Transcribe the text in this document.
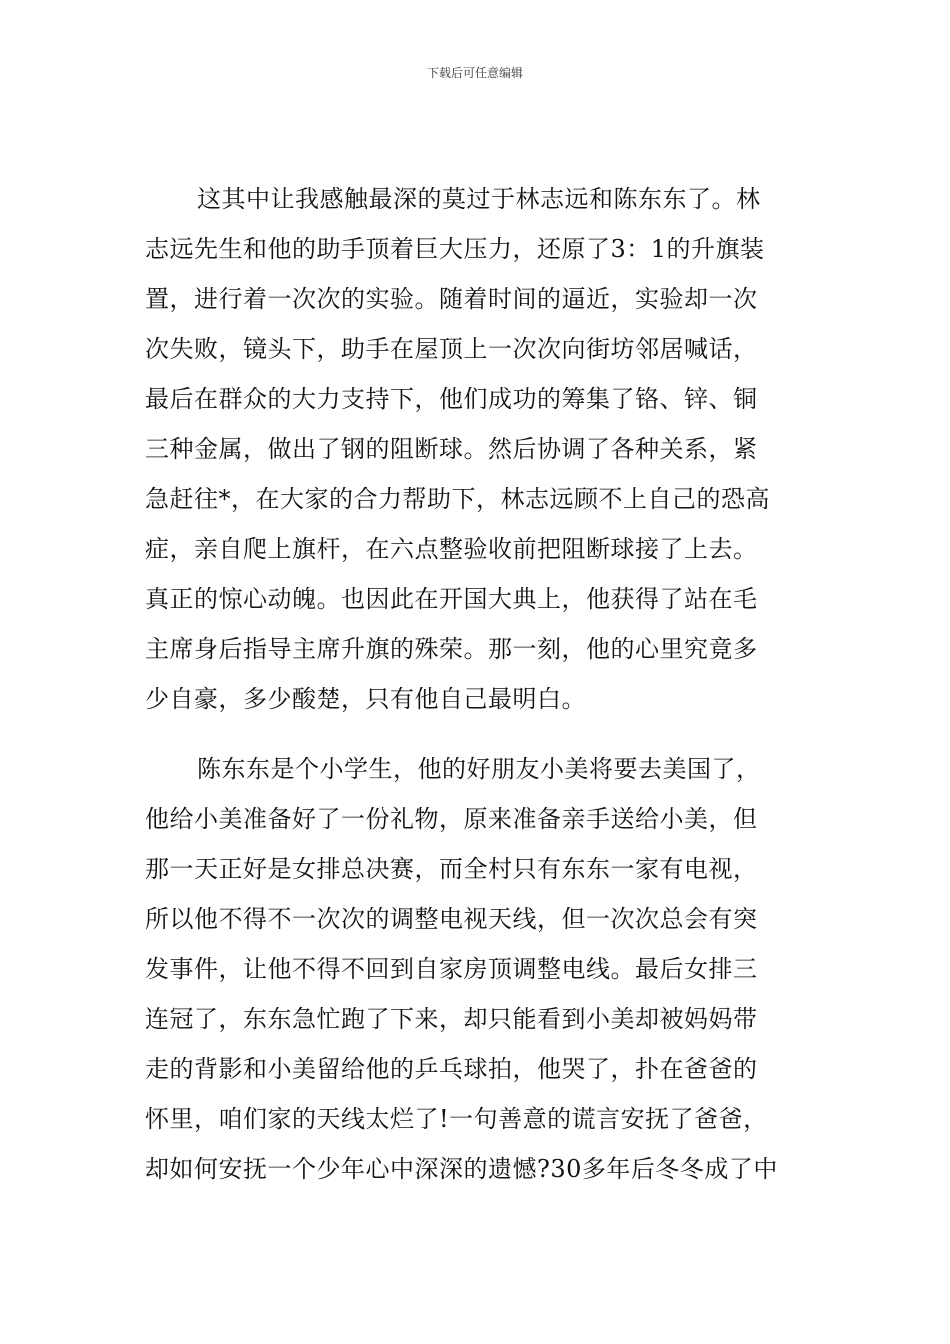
下载后可任意编辑
这其中让我感触最深的莫过于林志远和陈东东了。林
志远先生和他的助手顶着巨大压力，还原了3：1的升旗装
置，进行着一次次的实验。随着时间的逼近，实验却一次
次失败，镜头下，助手在屋顶上一次次向街坊邻居喊话，
最后在群众的大力支持下，他们成功的筹集了铬、锌、铜
三种金属，做出了钢的阻断球。然后协调了各种关系，紧
急赶往*，在大家的合力帮助下，林志远顾不上自己的恐高
症，亲自爬上旗杆，在六点整验收前把阻断球接了上去。
真正的惊心动魄。也因此在开国大典上，他获得了站在毛
主席身后指导主席升旗的殊荣。那一刻，他的心里究竟多
少自豪，多少酸楚，只有他自己最明白。
陈东东是个小学生，他的好朋友小美将要去美国了，
他给小美准备好了一份礼物，原来准备亲手送给小美，但
那一天正好是女排总决赛，而全村只有东东一家有电视，
所以他不得不一次次的调整电视天线，但一次次总会有突
发事件，让他不得不回到自家房顶调整电线。最后女排三
连冠了，东东急忙跑了下来，却只能看到小美却被妈妈带
走的背影和小美留给他的乒乓球拍，他哭了，扑在爸爸的
怀里，咱们家的天线太烂了!一句善意的谎言安抚了爸爸，
却如何安抚一个少年心中深深的遗憾?30多年后冬冬成了中
